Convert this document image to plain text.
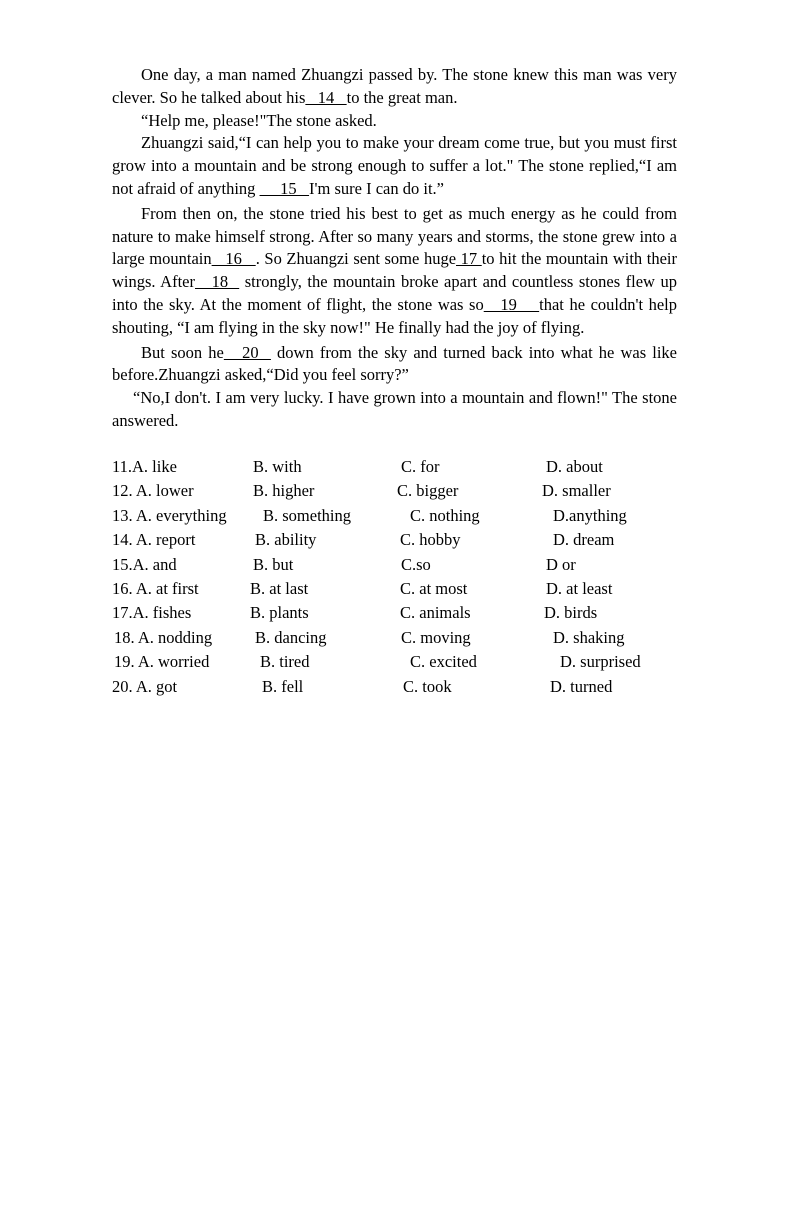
One day, a man named Zhuangzi passed by. The stone knew this man was very clever. So he talked about his   14   to the great man.

“Help me, please!"The stone asked.

Zhuangzi said,“I can help you to make your dream come true, but you must first grow into a mountain and be strong enough to suffer a lot." The stone replied,“I am not afraid of anything      15   I'm sure I can do it.”

From then on, the stone tried his best to get as much energy as he could from nature to make himself strong. After so many years and storms, the stone grew into a large mountain   16   . So Zhuangzi sent some huge 17 to hit the mountain with their wings. After   18   strongly, the mountain broke apart and countless stones flew up into the sky. At the moment of flight, the stone was so   19    that he couldn't help shouting, “I am flying in the sky now!" He finally had the joy of flying.

But soon he   20   down from the sky and turned back into what he was like before.Zhuangzi asked,“Did you feel sorry?”

“No,I don't. I am very lucky. I have grown into a mountain and flown!" The stone answered.

11.A. like	B. with	C. for	D. about
12. A. lower	B. higher	C. bigger	D. smaller
13. A. everything B. something	C. nothing	D.anything
14. A. report	B. ability	C. hobby	D. dream
15.A. and	B. but	C.so	D or
16. A. at first	B. at last	C. at most	D. at least
17.A. fishes	B. plants	C. animals	D. birds
18. A. nodding	B. dancing	C. moving	D. shaking
19. A. worried	B. tired	C. excited	D. surprised
20. A. got	B. fell	C. took	D. turned
